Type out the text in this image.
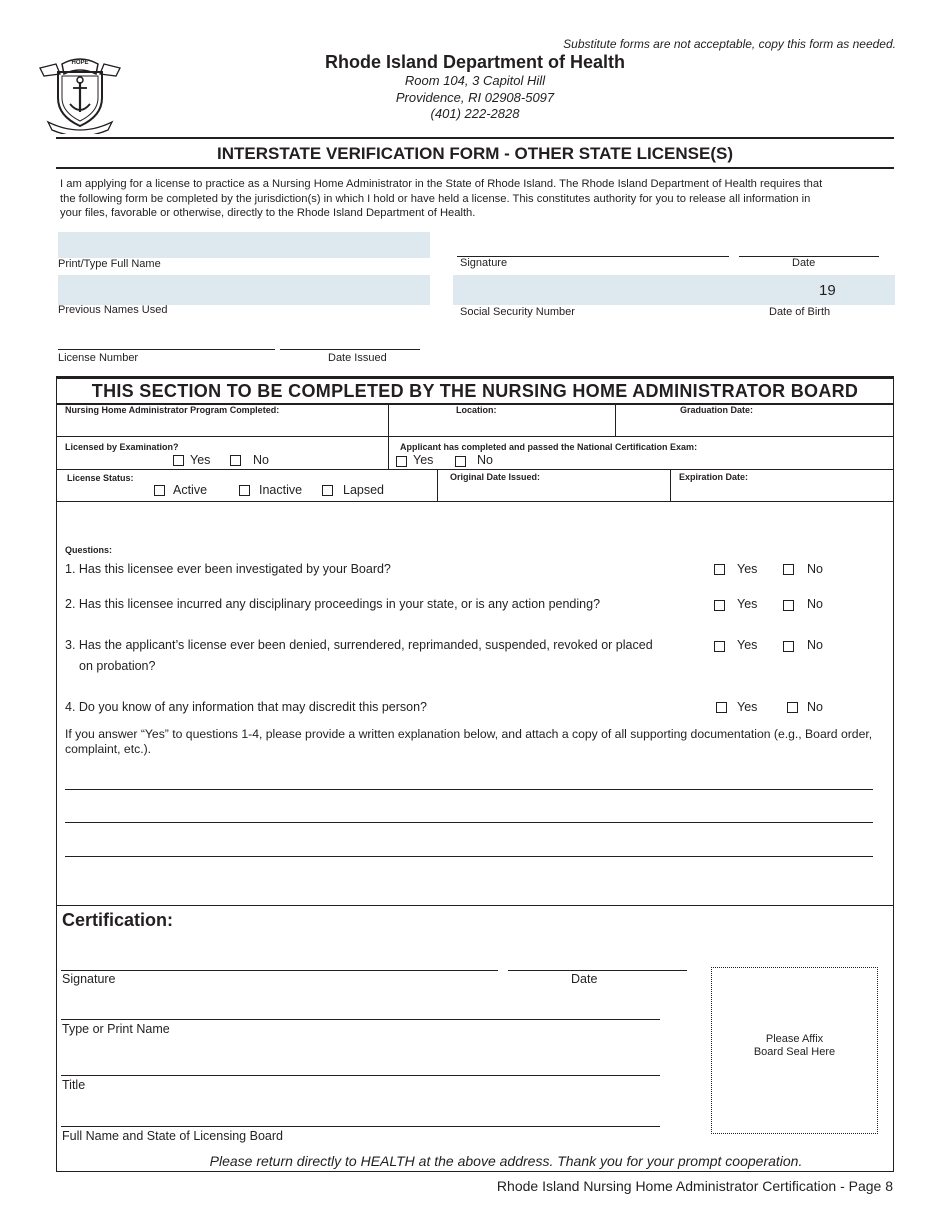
HOPE
Substitute forms are not acceptable, copy this form as needed.
Rhode Island Department of Health
Room 104, 3 Capitol Hill
Providence, RI 02908-5097
(401) 222-2828
INTERSTATE VERIFICATION FORM - OTHER STATE LICENSE(S)
I am applying for a license to practice as a Nursing Home Administrator in the State of Rhode Island. The Rhode Island Department of Health requires that
the following form be completed by the jurisdiction(s) in which I hold or have held a license. This constitutes authority for you to release all information in
your files, favorable or otherwise, directly to the Rhode Island Department of Health.
Print/Type Full Name	Signature	Date
Previous Names Used	Social Security Number
19
Date of Birth
License Number	Date Issued
THIS SECTION TO BE COMPLETED BY THE NURSING HOME ADMINISTRATOR BOARD
Nursing Home Administrator Program Completed:	Location:	Graduation Date:
Licensed by Examination?
Yes	No
Applicant has completed and passed the National Certification Exam:
Yes	No
License Status:
Active	Inactive	Lapsed
Original Date Issued:	Expiration Date:
Questions:
1. Has this licensee ever been investigated by your Board?	Yes	No
2. Has this licensee incurred any disciplinary proceedings in your state, or is any action pending?	Yes	No
3. Has the applicant’s license ever been denied, surrendered, reprimanded, suspended, revoked or placed
on probation?
Yes	No
4. Do you know of any information that may discredit this person?	Yes	No
If you answer “Yes” to questions 1-4, please provide a written explanation below, and attach a copy of all supporting documentation (e.g., Board order,
complaint, etc.).
Certification:
Signature	Date
Type or Print Name
Title
Full Name and State of Licensing Board
Please Affix
Board Seal Here
Please return directly to HEALTH at the above address. Thank you for your prompt cooperation.
Rhode Island Nursing Home Administrator Certification - Page 8
